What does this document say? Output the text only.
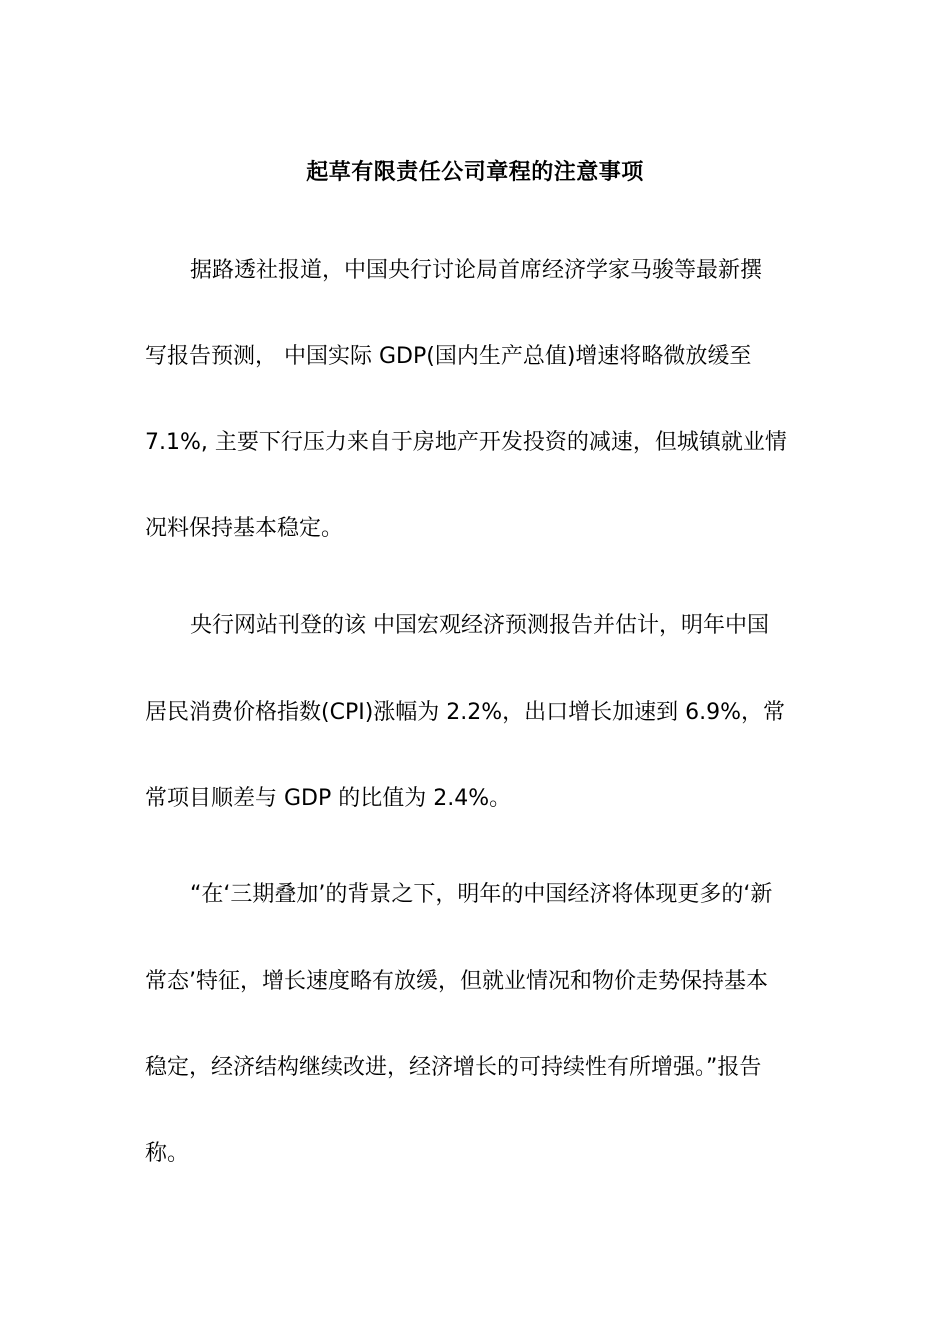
起草有限责任公司章程的注意事项
据路透社报道，中国央行讨论局首席经济学家马骏等最新撰
写报告预测， 中国实际 GDP(国内生产总值)增速将略微放缓至
7.1%, 主要下行压力来自于房地产开发投资的减速，但城镇就业情
况料保持基本稳定。
央行网站刊登的该 中国宏观经济预测报告并估计，明年中国
居民消费价格指数(CPI)涨幅为 2.2%，出口增长加速到 6.9%，常
常项目顺差与 GDP 的比值为 2.4%。
“在‘三期叠加’的背景之下，明年的中国经济将体现更多的‘新
常态’特征，增长速度略有放缓，但就业情况和物价走势保持基本
稳定，经济结构继续改进，经济增长的可持续性有所增强。”报告
称。
